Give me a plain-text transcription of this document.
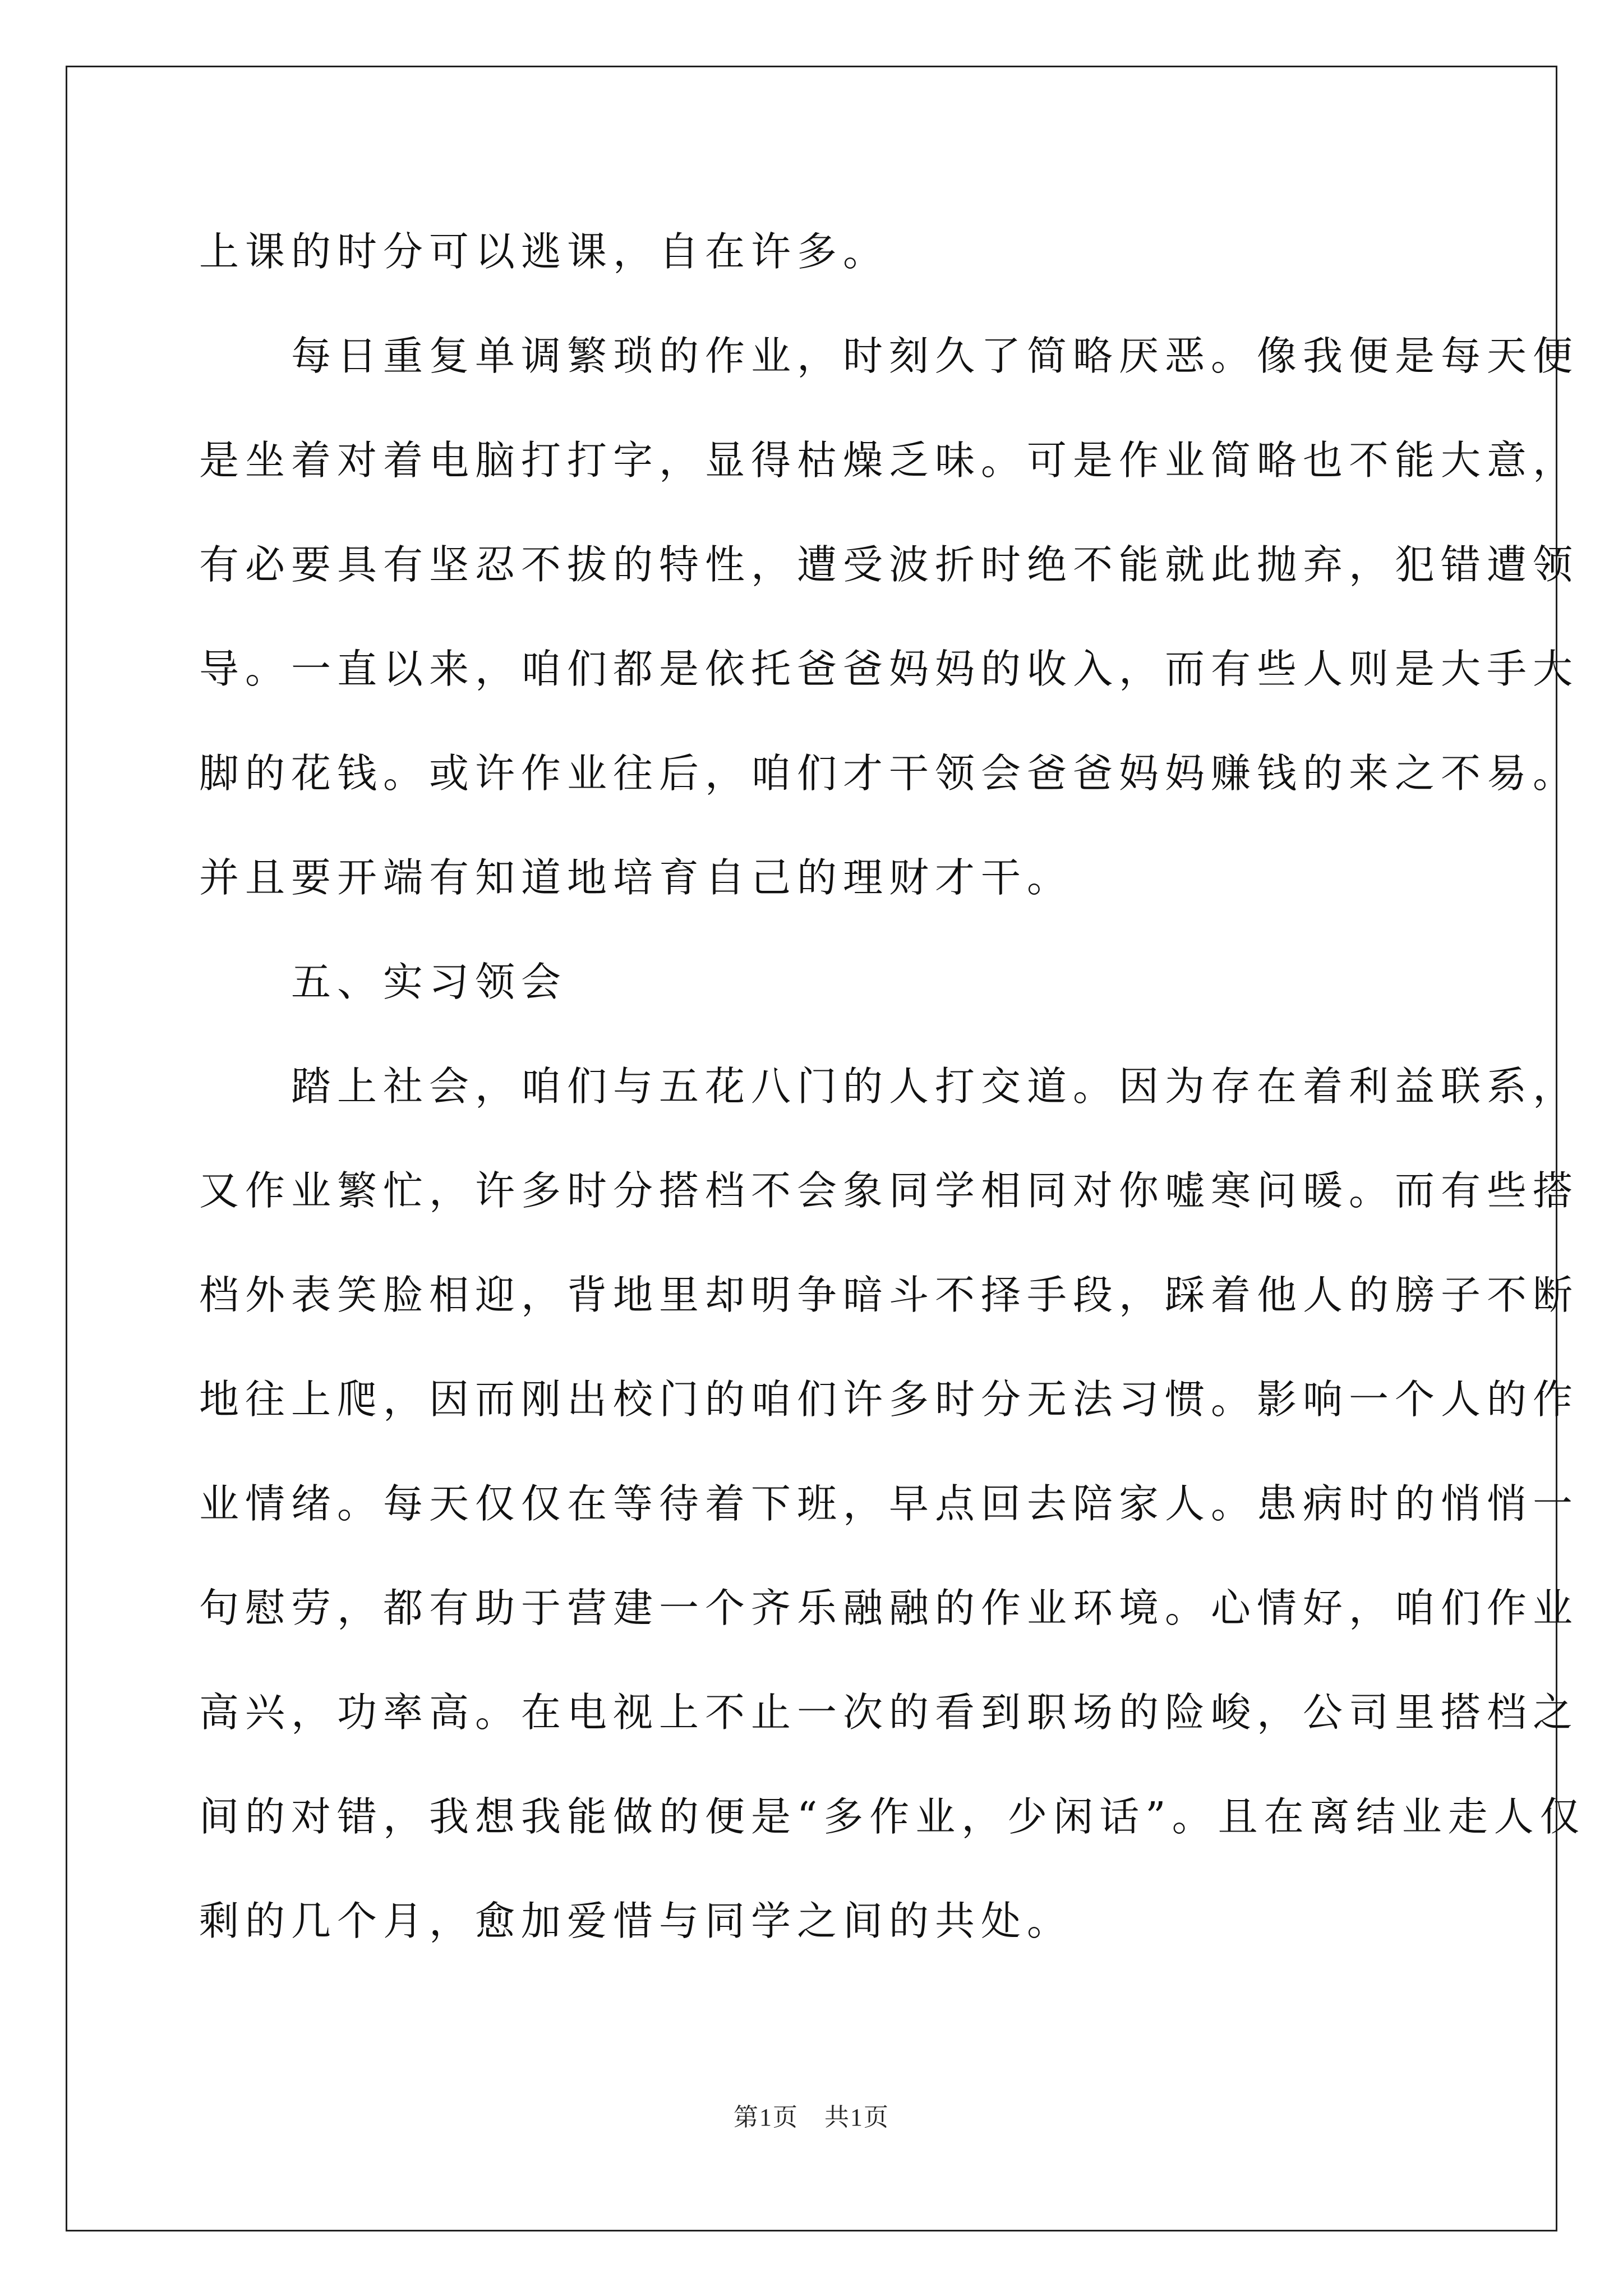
上课的时分可以逃课，自在许多。
　　每日重复单调繁琐的作业，时刻久了简略厌恶。像我便是每天便
是坐着对着电脑打打字，显得枯燥乏味。可是作业简略也不能大意，
有必要具有坚忍不拔的特性，遭受波折时绝不能就此抛弃，犯错遭领
导。一直以来，咱们都是依托爸爸妈妈的收入，而有些人则是大手大
脚的花钱。或许作业往后，咱们才干领会爸爸妈妈赚钱的来之不易。
并且要开端有知道地培育自己的理财才干。
　　五、实习领会
　　踏上社会，咱们与五花八门的人打交道。因为存在着利益联系，
又作业繁忙，许多时分搭档不会象同学相同对你嘘寒问暖。而有些搭
档外表笑脸相迎，背地里却明争暗斗不择手段，踩着他人的膀子不断
地往上爬，因而刚出校门的咱们许多时分无法习惯。影响一个人的作
业情绪。每天仅仅在等待着下班，早点回去陪家人。患病时的悄悄一
句慰劳，都有助于营建一个齐乐融融的作业环境。心情好，咱们作业
高兴，功率高。在电视上不止一次的看到职场的险峻，公司里搭档之
间的对错，我想我能做的便是“多作业，少闲话”。且在离结业走人仅
剩的几个月，愈加爱惜与同学之间的共处。
第1页　共1页
